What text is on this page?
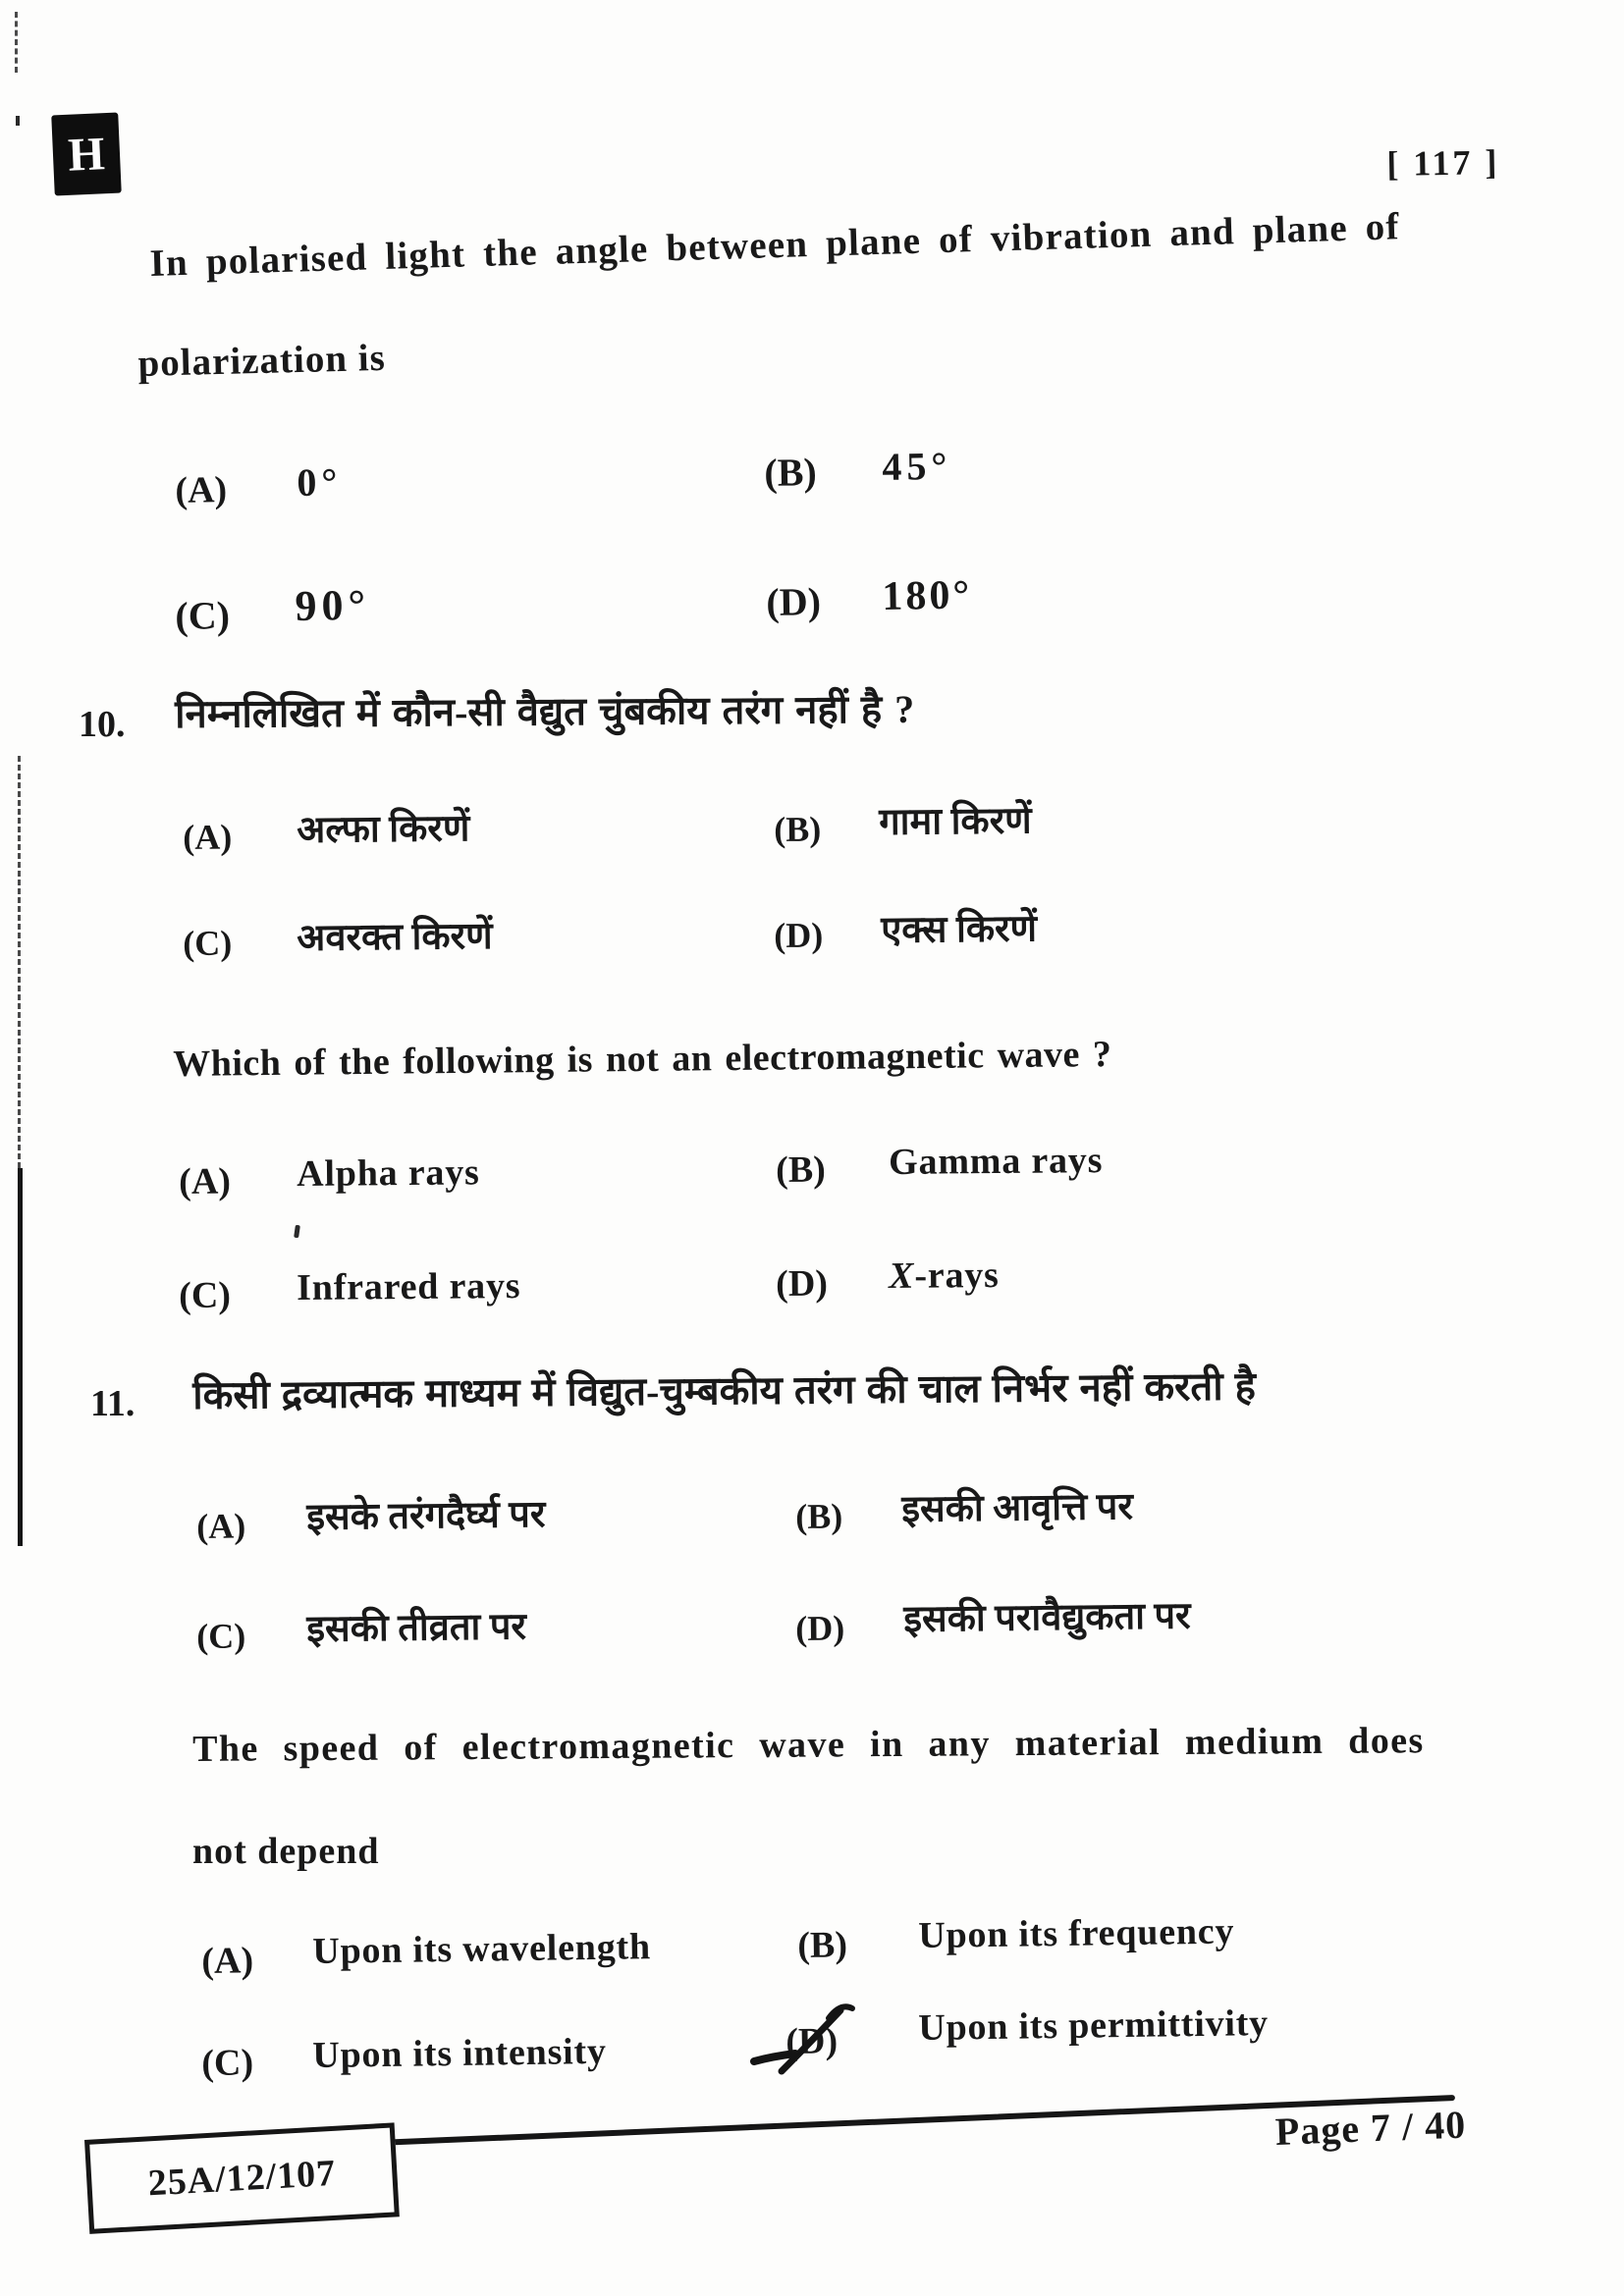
H	[ 117 ]
In polarised light the angle between plane of vibration and plane of
polarization is
(A) 0°	(B) 45°
(C) 90°	(D) 180°
10. निम्नलिखित में कौन-सी वैद्युत चुंबकीय तरंग नहीं है ?
(A) अल्फा किरणें	(B) गामा किरणें
(C) अवरक्त किरणें	(D) एक्स किरणें
Which of the following is not an electromagnetic wave ?
(A) Alpha rays	(B) Gamma rays
(C) Infrared rays	(D) X-rays
11. किसी द्रव्यात्मक माध्यम में विद्युत-चुम्बकीय तरंग की चाल निर्भर नहीं करती है
(A) इसके तरंगदैर्घ्य पर	(B) इसकी आवृत्ति पर
(C) इसकी तीव्रता पर	(D) इसकी परावैद्युकता पर
The speed of electromagnetic wave in any material medium does
not depend
(A) Upon its wavelength	(B) Upon its frequency
(C) Upon its intensity	(D) Upon its permittivity
25A/12/107
Page 7 / 40
